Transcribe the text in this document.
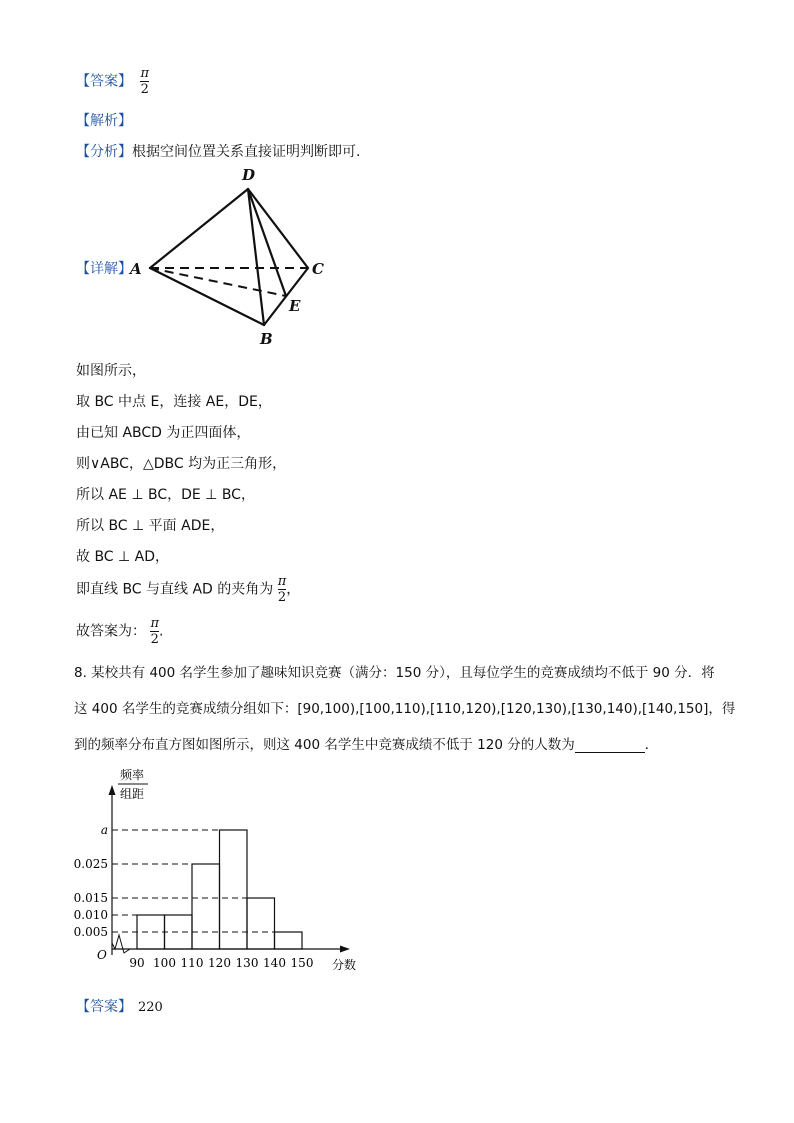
【答案】 $\frac{\pi}{2}$
【解析】
【分析】根据空间位置关系直接证明判断即可.
【详解】
D
A	C
E
B
如图所示，
取 BC 中点 E，连接 AE，DE，
由已知 ABCD 为正四面体，
则∨ABC，△DBC 均为正三角形，
所以 AE ⊥ BC，DE ⊥ BC，
所以 BC ⊥ 平面 ADE，
故 BC ⊥ AD，
即直线 BC 与直线 AD 的夹角为 $\frac{\pi}{2}$ ，
故答案为： $\frac{\pi}{2}$ .
8. 某校共有 400 名学生参加了趣味知识竞赛（满分：150 分），且每位学生的竞赛成绩均不低于 90 分．将
这 400 名学生的竞赛成绩分组如下：[90,100),[100,110),[110,120),[120,130),[130,140),[140,150]，得
到的频率分布直方图如图所示，则这 400 名学生中竞赛成绩不低于 120 分的人数为	．
频率
组距
O
分数
a
0.025
0.015
0.010
0.005
90 100 110 120 130 140 150
【答案】 220
